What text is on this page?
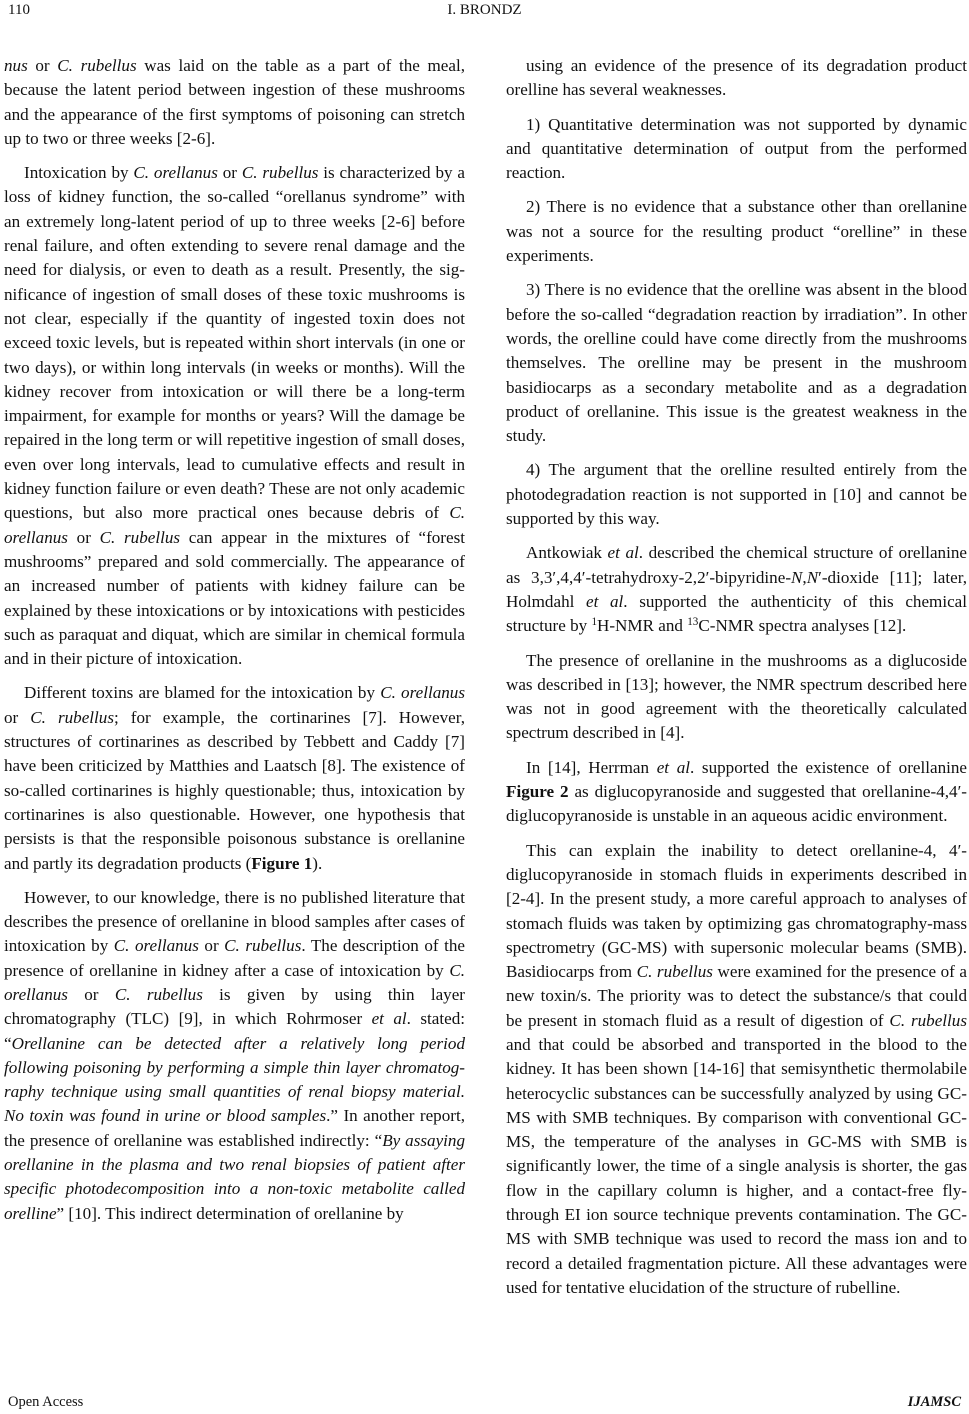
110	I. BRONDZ

nus or C. rubellus was laid on the table as a part of the meal, because the latent period between ingestion of these mushrooms and the appearance of the first symptoms of poisoning can stretch up to two or three weeks [2-6].

Intoxication by C. orellanus or C. rubellus is characterized by a loss of kidney function, the so-called “orellanus syndrome” with an extremely long-latent period of up to three weeks [2-6] before renal failure, and often extending to severe renal damage and the need for dialysis, or even to death as a result. Presently, the significance of ingestion of small doses of these toxic mushrooms is not clear, especially if the quantity of ingested toxin does not exceed toxic levels, but is repeated within short intervals (in one or two days), or within long intervals (in weeks or months). Will the kidney recover from intoxication or will there be a long-term impairment, for example for months or years? Will the damage be repaired in the long term or will repetitive ingestion of small doses, even over long intervals, lead to cumulative effects and result in kidney function failure or even death? These are not only academic questions, but also more practical ones because debris of C. orellanus or C. rubellus can appear in the mixtures of “forest mushrooms” prepared and sold commercially. The appearance of an increased number of patients with kidney failure can be explained by these intoxications or by intoxications with pesticides such as paraquat and diquat, which are similar in chemical formula and in their picture of intoxication.

Different toxins are blamed for the intoxication by C. orellanus or C. rubellus; for example, the cortinarines [7]. However, structures of cortinarines as described by Tebbett and Caddy [7] have been criticized by Matthies and Laatsch [8]. The existence of so-called cortinarines is highly questionable; thus, intoxication by cortinarines is also questionable. However, one hypothesis that persists is that the responsible poisonous substance is orellanine and partly its degradation products (Figure 1).

However, to our knowledge, there is no published literature that describes the presence of orellanine in blood samples after cases of intoxication by C. orellanus or C. rubellus. The description of the presence of orellanine in kidney after a case of intoxication by C. orellanus or C. rubellus is given by using thin layer chromatography (TLC) [9], in which Rohrmoser et al. stated: “Orellanine can be detected after a relatively long period following poisoning by performing a simple thin layer chromatography technique using small quantities of renal biopsy material. No toxin was found in urine or blood samples.” In another report, the presence of orellanine was established indirectly: “By assaying orellanine in the plasma and two renal biopsies of patient after specific photodecomposition into a non-toxic metabolite called orelline” [10]. This indirect determination of orellanine by

using an evidence of the presence of its degradation product orelline has several weaknesses.

1) Quantitative determination was not supported by dynamic and quantitative determination of output from the performed reaction.

2) There is no evidence that a substance other than orellanine was not a source for the resulting product “orelline” in these experiments.

3) There is no evidence that the orelline was absent in the blood before the so-called “degradation reaction by irradiation”. In other words, the orelline could have come directly from the mushrooms themselves. The orelline may be present in the mushroom basidiocarps as a secondary metabolite and as a degradation product of orellanine. This issue is the greatest weakness in the study.

4) The argument that the orelline resulted entirely from the photodegradation reaction is not supported in [10] and cannot be supported by this way.

Antkowiak et al. described the chemical structure of orellanine as 3,3′,4,4′-tetrahydroxy-2,2′-bipyridine-N,N′-dioxide [11]; later, Holmdahl et al. supported the authenticity of this chemical structure by $^1$H-NMR and $^{13}$C-NMR spectra analyses [12].

The presence of orellanine in the mushrooms as a diglucoside was described in [13]; however, the NMR spectrum described here was not in good agreement with the theoretically calculated spectrum described in [4].

In [14], Herrman et al. supported the existence of orellanine Figure 2 as diglucopyranoside and suggested that orellanine-4,4′-diglucopyranoside is unstable in an aqueous acidic environment.

This can explain the inability to detect orellanine-4, 4′-diglucopyranoside in stomach fluids in experiments described in [2-4]. In the present study, a more careful approach to analyses of stomach fluids was taken by optimizing gas chromatography-mass spectrometry (GC-MS) with supersonic molecular beams (SMB). Basidiocarps from C. rubellus were examined for the presence of a new toxin/s. The priority was to detect the substance/s that could be present in stomach fluid as a result of digestion of C. rubellus and that could be absorbed and transported in the blood to the kidney. It has been shown [14-16] that semisynthetic thermolabile heterocyclic substances can be successfully analyzed by using GC-MS with SMB techniques. By comparison with conventional GC-MS, the temperature of the analyses in GC-MS with SMB is significantly lower, the time of a single analysis is shorter, the gas flow in the capillary column is higher, and a contact-free fly-through EI ion source technique prevents contamination. The GC-MS with SMB technique was used to record the mass ion and to record a detailed fragmentation picture. All these advantages were used for tentative elucidation of the structure of rubelline.

Open Access	IJAMSC
